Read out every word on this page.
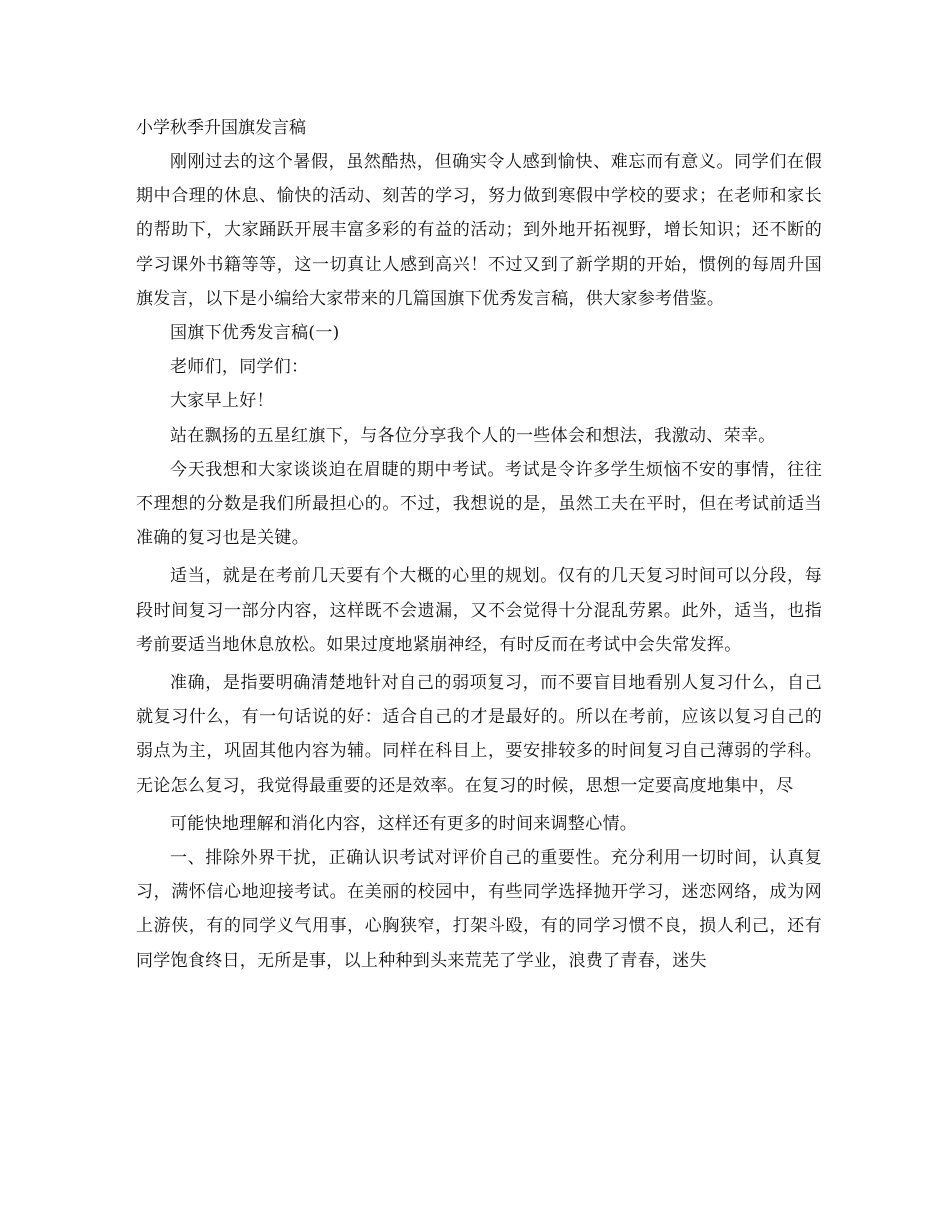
小学秋季升国旗发言稿

刚刚过去的这个暑假，虽然酷热，但确实令人感到愉快、难忘而有意义。同学们在假期中合理的休息、愉快的活动、刻苦的学习，努力做到寒假中学校的要求；在老师和家长的帮助下，大家踊跃开展丰富多彩的有益的活动；到外地开拓视野，增长知识；还不断的学习课外书籍等等，这一切真让人感到高兴！不过又到了新学期的开始，惯例的每周升国旗发言，以下是小编给大家带来的几篇国旗下优秀发言稿，供大家参考借鉴。

国旗下优秀发言稿(一)

老师们，同学们：

大家早上好！

站在飘扬的五星红旗下，与各位分享我个人的一些体会和想法，我激动、荣幸。

今天我想和大家谈谈迫在眉睫的期中考试。考试是令许多学生烦恼不安的事情，往往不理想的分数是我们所最担心的。不过，我想说的是，虽然工夫在平时，但在考试前适当准确的复习也是关键。

适当，就是在考前几天要有个大概的心里的规划。仅有的几天复习时间可以分段，每段时间复习一部分内容，这样既不会遗漏，又不会觉得十分混乱劳累。此外，适当，也指考前要适当地休息放松。如果过度地紧崩神经，有时反而在考试中会失常发挥。

准确，是指要明确清楚地针对自己的弱项复习，而不要盲目地看别人复习什么，自己就复习什么，有一句话说的好：适合自己的才是最好的。所以在考前，应该以复习自己的弱点为主，巩固其他内容为辅。同样在科目上，要安排较多的时间复习自己薄弱的学科。无论怎么复习，我觉得最重要的还是效率。在复习的时候，思想一定要高度地集中，尽

可能快地理解和消化内容，这样还有更多的时间来调整心情。

一、排除外界干扰，正确认识考试对评价自己的重要性。充分利用一切时间，认真复习，满怀信心地迎接考试。在美丽的校园中，有些同学选择抛开学习，迷恋网络，成为网上游侠，有的同学义气用事，心胸狭窄，打架斗殴，有的同学习惯不良，损人利己，还有同学饱食终日，无所是事，以上种种到头来荒芜了学业，浪费了青春，迷失
